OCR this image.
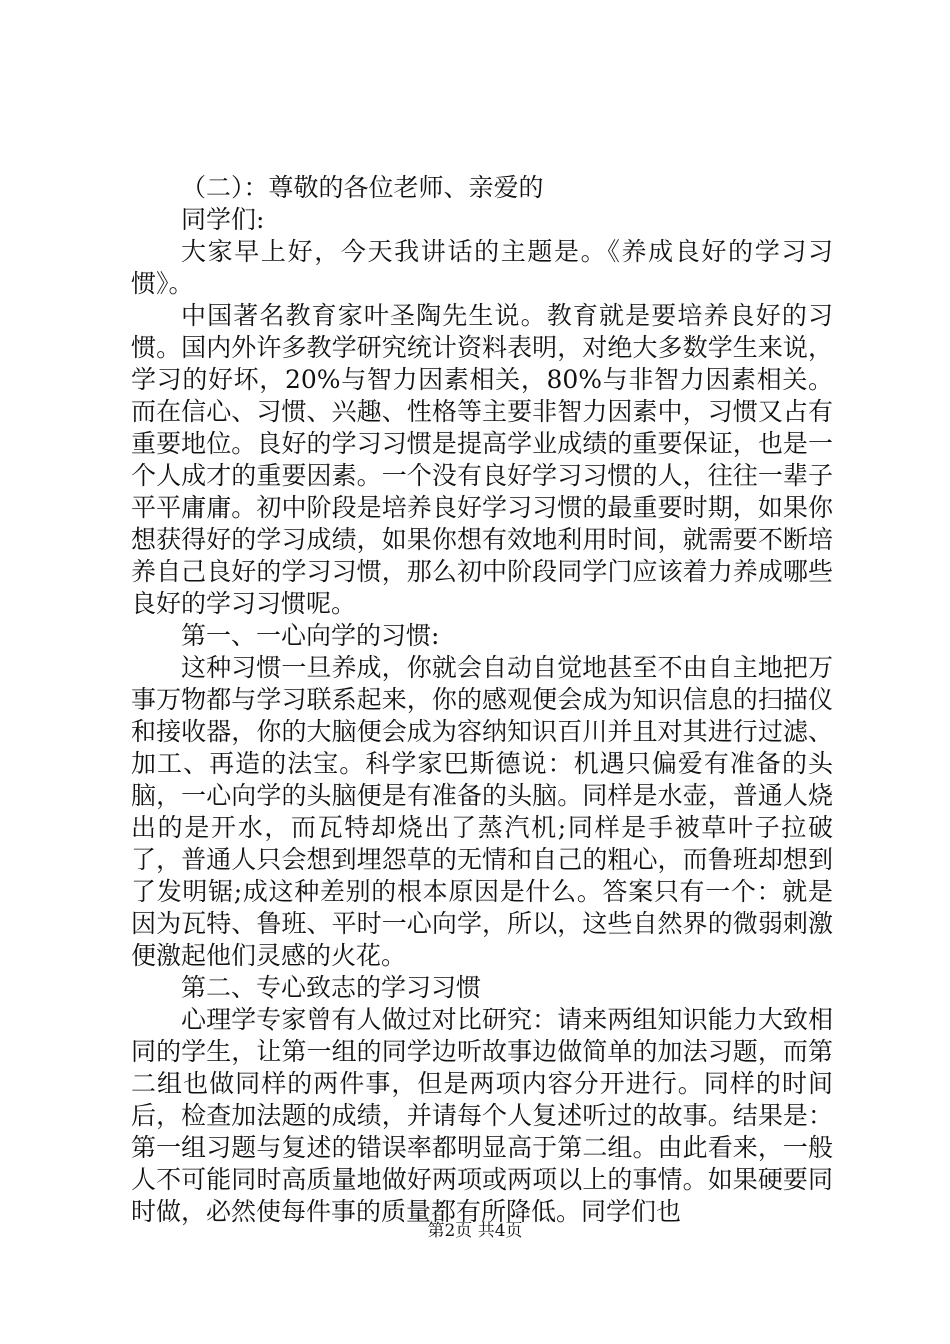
（二）：尊敬的各位老师、亲爱的

同学们:

大家早上好，今天我讲话的主题是。《养成良好的学习习惯》。

中国著名教育家叶圣陶先生说。教育就是要培养良好的习惯。国内外许多教学研究统计资料表明，对绝大多数学生来说，学习的好坏，20%与智力因素相关，80%与非智力因素相关。而在信心、习惯、兴趣、性格等主要非智力因素中，习惯又占有重要地位。良好的学习习惯是提高学业成绩的重要保证，也是一个人成才的重要因素。一个没有良好学习习惯的人，往往一辈子平平庸庸。初中阶段是培养良好学习习惯的最重要时期，如果你想获得好的学习成绩，如果你想有效地利用时间，就需要不断培养自己良好的学习习惯，那么初中阶段同学门应该着力养成哪些良好的学习习惯呢。

第一、一心向学的习惯:

这种习惯一旦养成，你就会自动自觉地甚至不由自主地把万事万物都与学习联系起来，你的感观便会成为知识信息的扫描仪和接收器，你的大脑便会成为容纳知识百川并且对其进行过滤、加工、再造的法宝。科学家巴斯德说：机遇只偏爱有准备的头脑，一心向学的头脑便是有准备的头脑。同样是水壶，普通人烧出的是开水，而瓦特却烧出了蒸汽机;同样是手被草叶子拉破了，普通人只会想到埋怨草的无情和自己的粗心，而鲁班却想到了发明锯;成这种差别的根本原因是什么。答案只有一个：就是因为瓦特、鲁班、平时一心向学，所以，这些自然界的微弱刺激便激起他们灵感的火花。

第二、专心致志的学习习惯

心理学专家曾有人做过对比研究：请来两组知识能力大致相同的学生，让第一组的同学边听故事边做简单的加法习题，而第二组也做同样的两件事，但是两项内容分开进行。同样的时间后，检查加法题的成绩，并请每个人复述听过的故事。结果是：第一组习题与复述的错误率都明显高于第二组。由此看来，一般人不可能同时高质量地做好两项或两项以上的事情。如果硬要同时做，必然使每件事的质量都有所降低。同学们也

第2页 共4页
